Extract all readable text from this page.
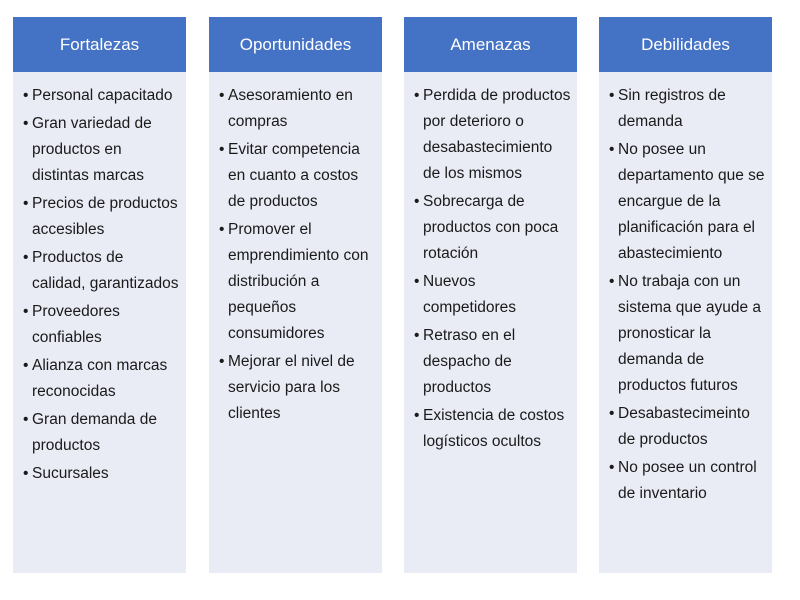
Fortalezas
• Personal capacitado
• Gran variedad de productos en distintas marcas
• Precios de productos accesibles
• Productos de calidad, garantizados
• Proveedores confiables
• Alianza con marcas reconocidas
• Gran demanda de productos
• Sucursales
Oportunidades
• Asesoramiento en compras
• Evitar competencia en cuanto a costos de productos
• Promover el emprendimiento con distribución a pequeños consumidores
• Mejorar el nivel de servicio para los clientes
Amenazas
• Perdida de productos por deterioro o desabastecimiento de los mismos
• Sobrecarga de productos con poca rotación
• Nuevos competidores
• Retraso en el despacho de productos
• Existencia de costos logísticos ocultos
Debilidades
• Sin registros de demanda
• No posee un departamento que se encargue de la planificación para el abastecimiento
• No trabaja con un sistema que ayude a pronosticar la demanda de productos futuros
• Desabastecimeinto de productos
• No posee un control de inventario
